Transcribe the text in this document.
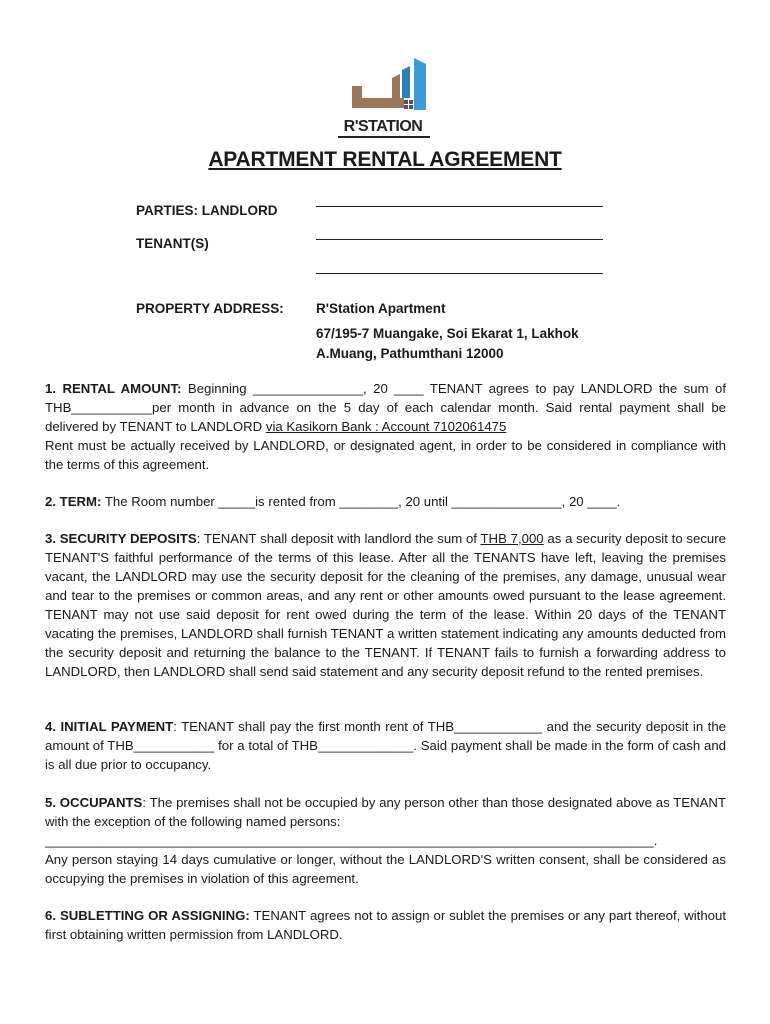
R'STATION
APARTMENT RENTAL AGREEMENT
PARTIES: LANDLORD
TENANT(S)
PROPERTY ADDRESS: R'Station Apartment
67/195-7 Muangake, Soi Ekarat 1, Lakhok
A.Muang, Pathumthani 12000

1. RENTAL AMOUNT: Beginning _______________, 20 ____ TENANT agrees to pay LANDLORD the sum of THB___________per month in advance on the 5 day of each calendar month. Said rental payment shall be delivered by TENANT to LANDLORD via Kasikorn Bank : Account 7102061475

Rent must be actually received by LANDLORD, or designated agent, in order to be considered in compliance with the terms of this agreement.

2. TERM: The Room number _____is rented from ________, 20 until _______________, 20 ____.

3. SECURITY DEPOSITS: TENANT shall deposit with landlord the sum of THB 7,000 as a security deposit to secure TENANT'S faithful performance of the terms of this lease. After all the TENANTS have left, leaving the premises vacant, the LANDLORD may use the security deposit for the cleaning of the premises, any damage, unusual wear and tear to the premises or common areas, and any rent or other amounts owed pursuant to the lease agreement. TENANT may not use said deposit for rent owed during the term of the lease. Within 20 days of the TENANT vacating the premises, LANDLORD shall furnish TENANT a written statement indicating any amounts deducted from the security deposit and returning the balance to the TENANT. If TENANT fails to furnish a forwarding address to LANDLORD, then LANDLORD shall send said statement and any security deposit refund to the rented premises.

4. INITIAL PAYMENT: TENANT shall pay the first month rent of THB____________ and the security deposit in the amount of THB___________ for a total of THB_____________. Said payment shall be made in the form of cash and is all due prior to occupancy.

5. OCCUPANTS: The premises shall not be occupied by any person other than those designated above as TENANT with the exception of the following named persons:

___________________________________________________________________________________.

Any person staying 14 days cumulative or longer, without the LANDLORD'S written consent, shall be considered as occupying the premises in violation of this agreement.

6. SUBLETTING OR ASSIGNING: TENANT agrees not to assign or sublet the premises or any part thereof, without first obtaining written permission from LANDLORD.
